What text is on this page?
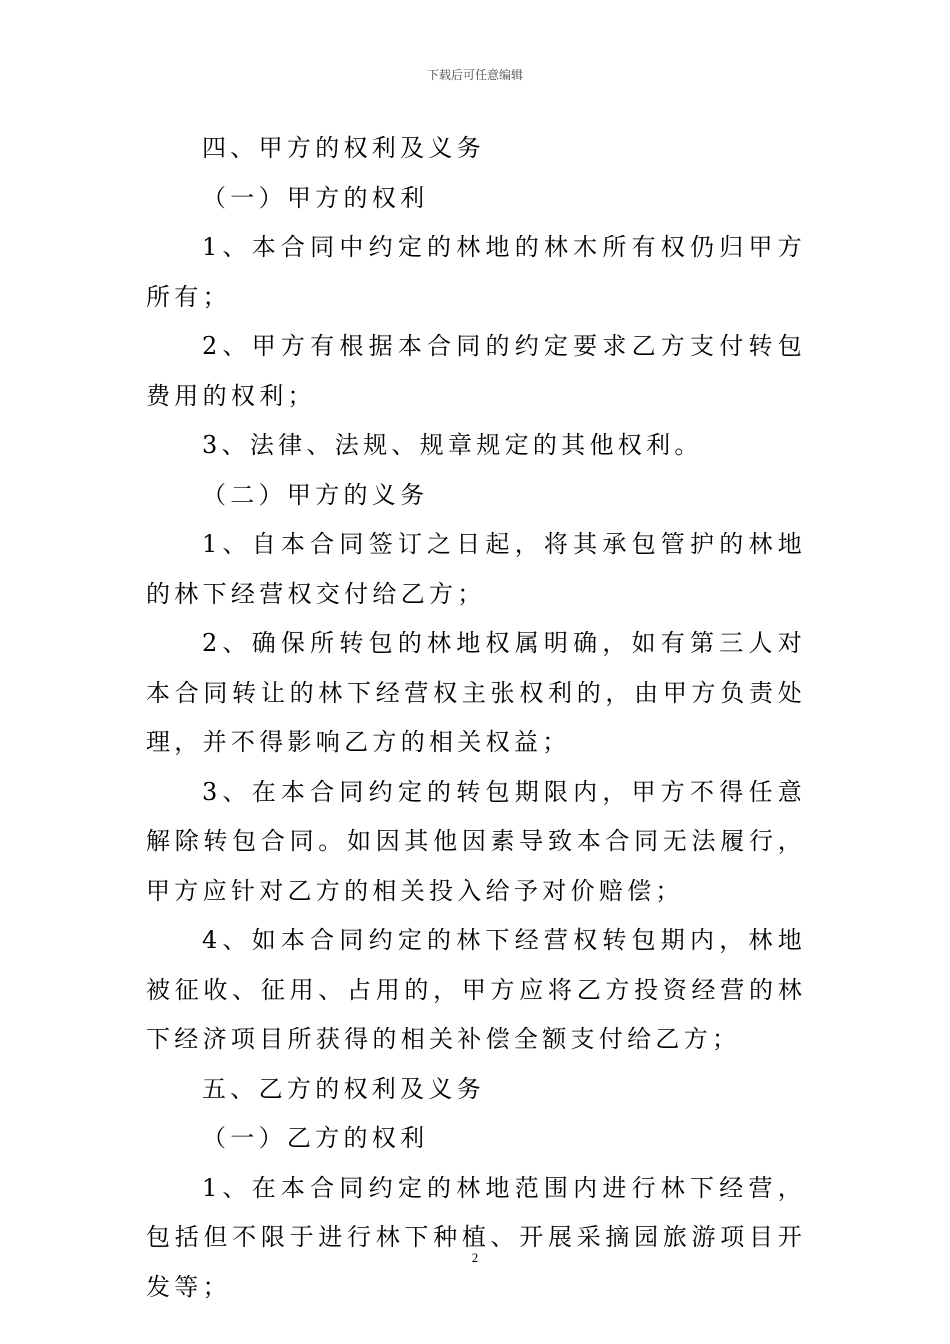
下载后可任意编辑

四、甲方的权利及义务

（一）甲方的权利

1、本合同中约定的林地的林木所有权仍归甲方所有；

2、甲方有根据本合同的约定要求乙方支付转包费用的权利；

3、法律、法规、规章规定的其他权利。

（二）甲方的义务

1、自本合同签订之日起，将其承包管护的林地的林下经营权交付给乙方；

2、确保所转包的林地权属明确，如有第三人对本合同转让的林下经营权主张权利的，由甲方负责处理，并不得影响乙方的相关权益；

3、在本合同约定的转包期限内，甲方不得任意解除转包合同。如因其他因素导致本合同无法履行，甲方应针对乙方的相关投入给予对价赔偿；

4、如本合同约定的林下经营权转包期内，林地被征收、征用、占用的，甲方应将乙方投资经营的林下经济项目所获得的相关补偿全额支付给乙方；

五、乙方的权利及义务

（一）乙方的权利

1、在本合同约定的林地范围内进行林下经营，包括但不限于进行林下种植、开展采摘园旅游项目开发等；

2
